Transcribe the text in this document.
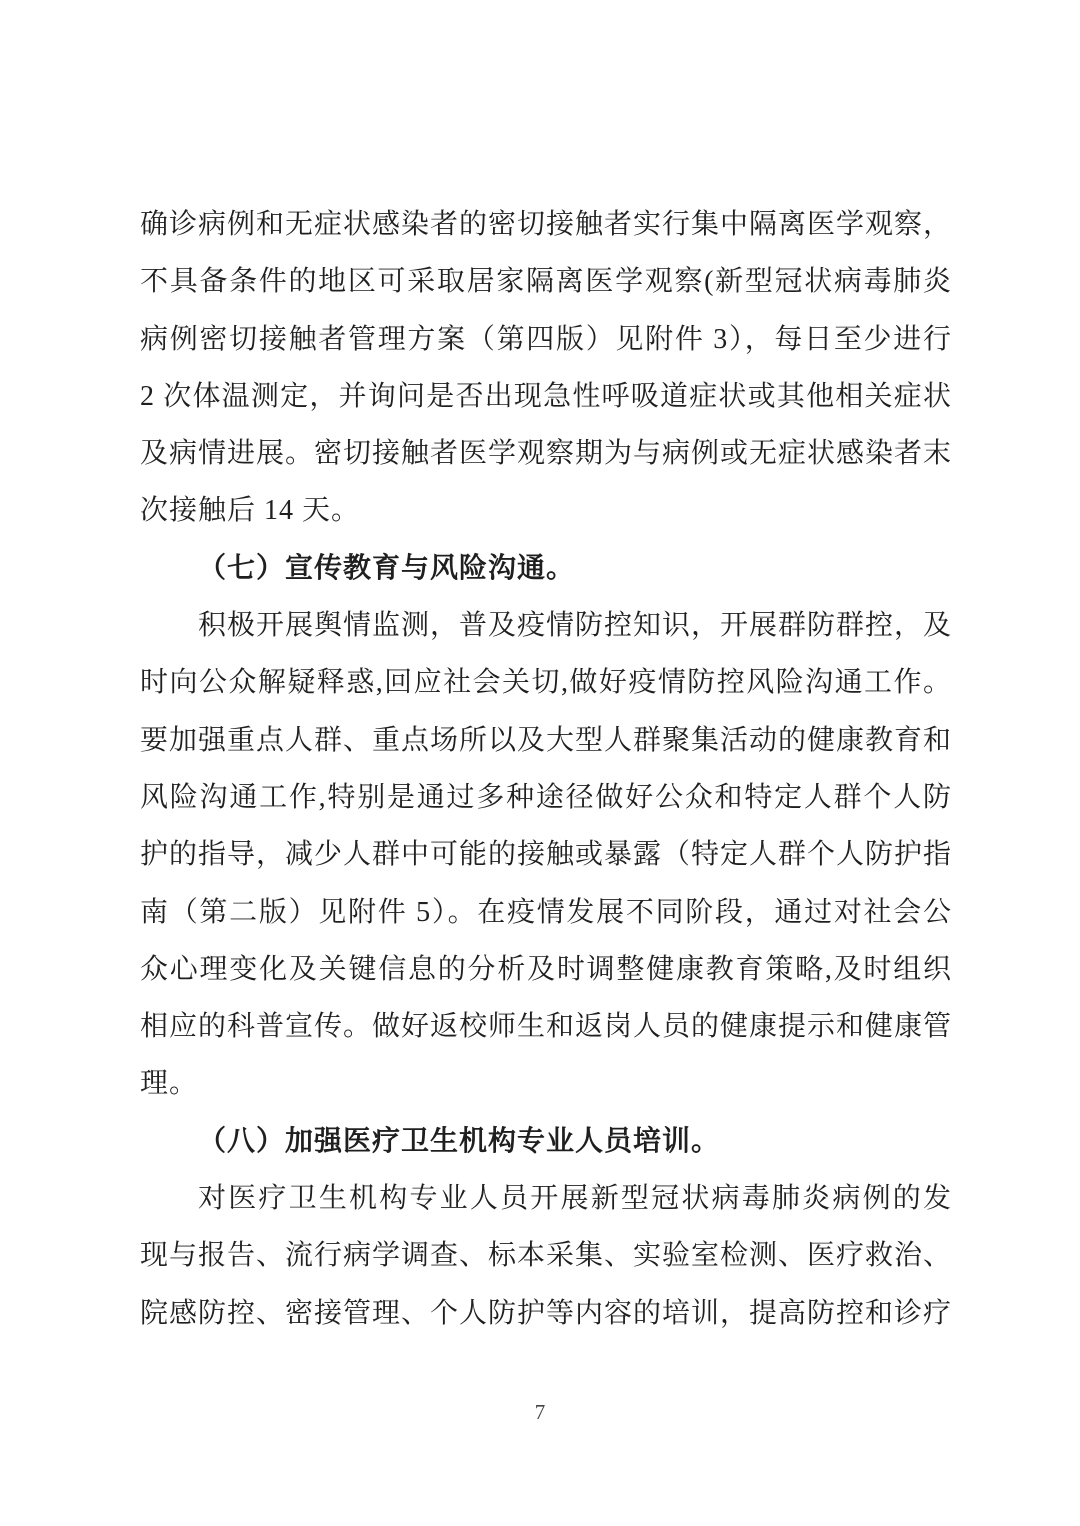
确诊病例和无症状感染者的密切接触者实行集中隔离医学观察，
不具备条件的地区可采取居家隔离医学观察(新型冠状病毒肺炎
病例密切接触者管理方案（第四版）见附件 3），每日至少进行
2 次体温测定，并询问是否出现急性呼吸道症状或其他相关症状
及病情进展。密切接触者医学观察期为与病例或无症状感染者末
次接触后 14 天。
（七）宣传教育与风险沟通。
积极开展舆情监测，普及疫情防控知识，开展群防群控，及
时向公众解疑释惑,回应社会关切,做好疫情防控风险沟通工作。
要加强重点人群、重点场所以及大型人群聚集活动的健康教育和
风险沟通工作,特别是通过多种途径做好公众和特定人群个人防
护的指导，减少人群中可能的接触或暴露（特定人群个人防护指
南（第二版）见附件 5）。在疫情发展不同阶段，通过对社会公
众心理变化及关键信息的分析及时调整健康教育策略,及时组织
相应的科普宣传。做好返校师生和返岗人员的健康提示和健康管
理。
（八）加强医疗卫生机构专业人员培训。
对医疗卫生机构专业人员开展新型冠状病毒肺炎病例的发
现与报告、流行病学调查、标本采集、实验室检测、医疗救治、
院感防控、密接管理、个人防护等内容的培训，提高防控和诊疗
7
